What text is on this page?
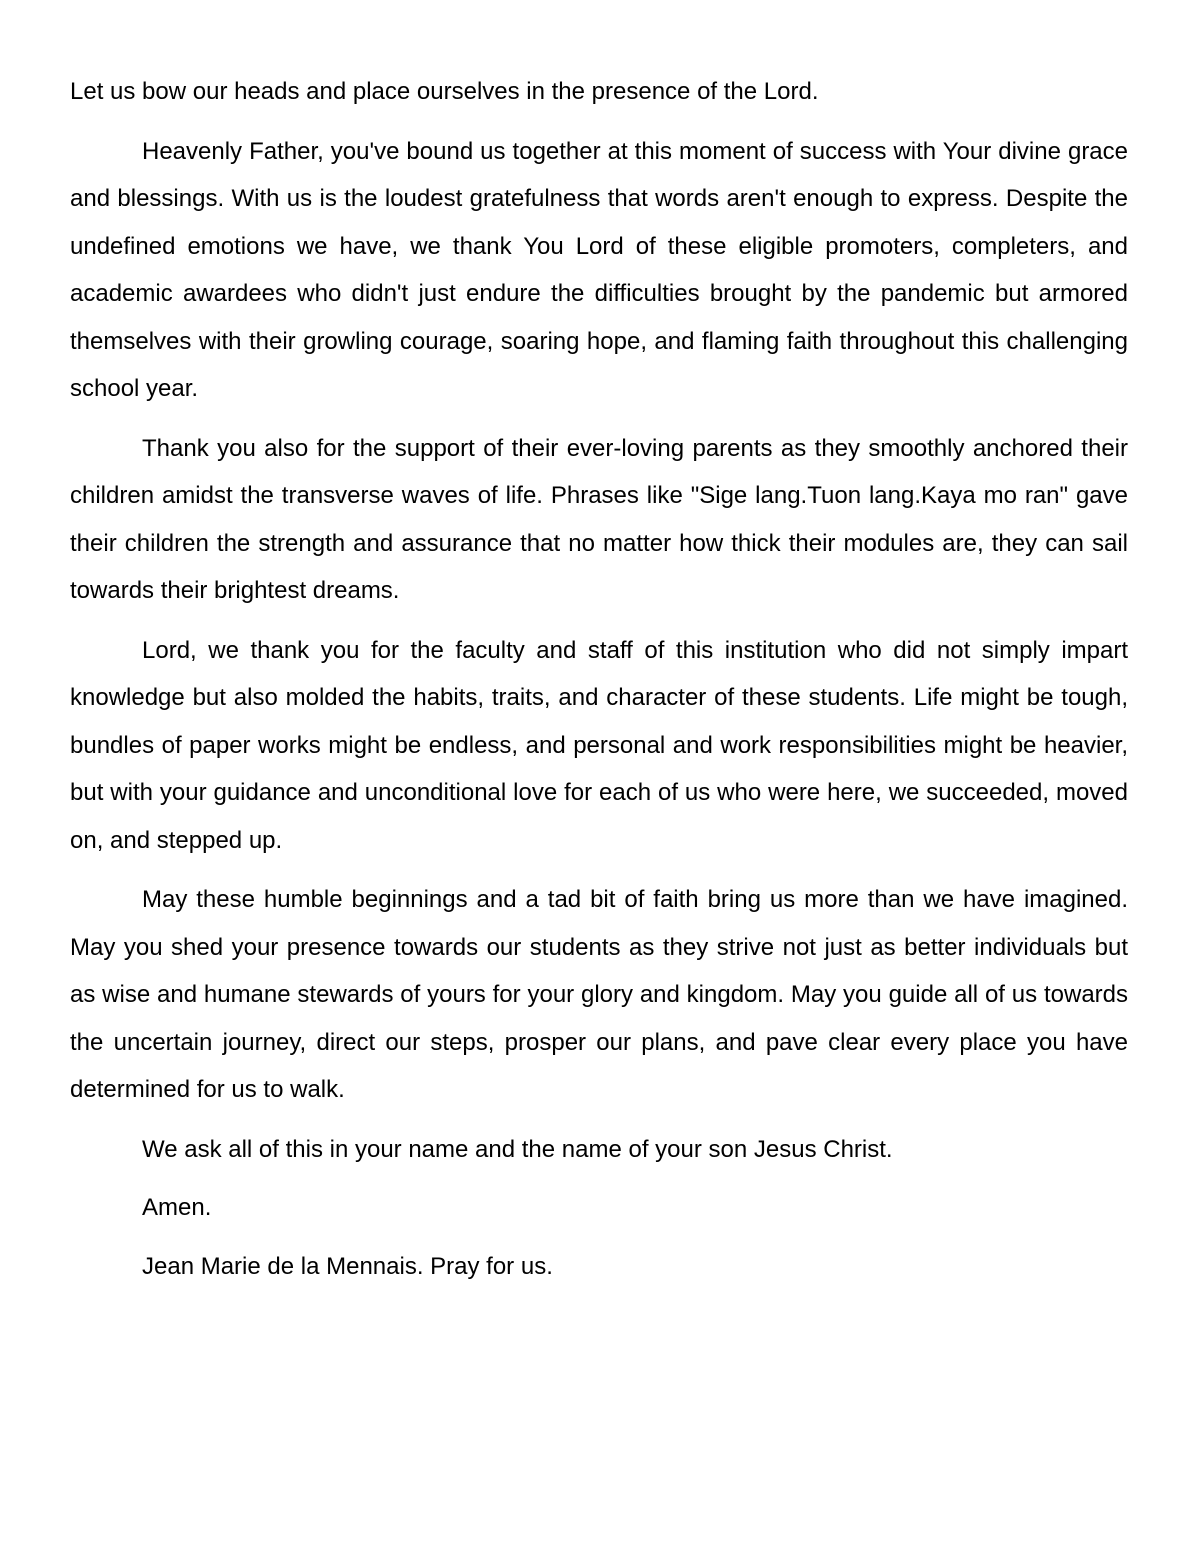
Let us bow our heads and place ourselves in the presence of the Lord.

Heavenly Father, you've bound us together at this moment of success with Your divine grace and blessings. With us is the loudest gratefulness that words aren't enough to express. Despite the undefined emotions we have, we thank You Lord of these eligible promoters, completers, and academic awardees who didn't just endure the difficulties brought by the pandemic but armored themselves with their growling courage, soaring hope, and flaming faith throughout this challenging school year.

Thank you also for the support of their ever-loving parents as they smoothly anchored their children amidst the transverse waves of life. Phrases like "Sige lang.Tuon lang.Kaya mo ran" gave their children the strength and assurance that no matter how thick their modules are, they can sail towards their brightest dreams.

Lord, we thank you for the faculty and staff of this institution who did not simply impart knowledge but also molded the habits, traits, and character of these students. Life might be tough, bundles of paper works might be endless, and personal and work responsibilities might be heavier, but with your guidance and unconditional love for each of us who were here, we succeeded, moved on, and stepped up.

May these humble beginnings and a tad bit of faith bring us more than we have imagined. May you shed your presence towards our students as they strive not just as better individuals but as wise and humane stewards of yours for your glory and kingdom. May you guide all of us towards the uncertain journey, direct our steps, prosper our plans, and pave clear every place you have determined for us to walk.

We ask all of this in your name and the name of your son Jesus Christ.

Amen.

Jean Marie de la Mennais. Pray for us.
